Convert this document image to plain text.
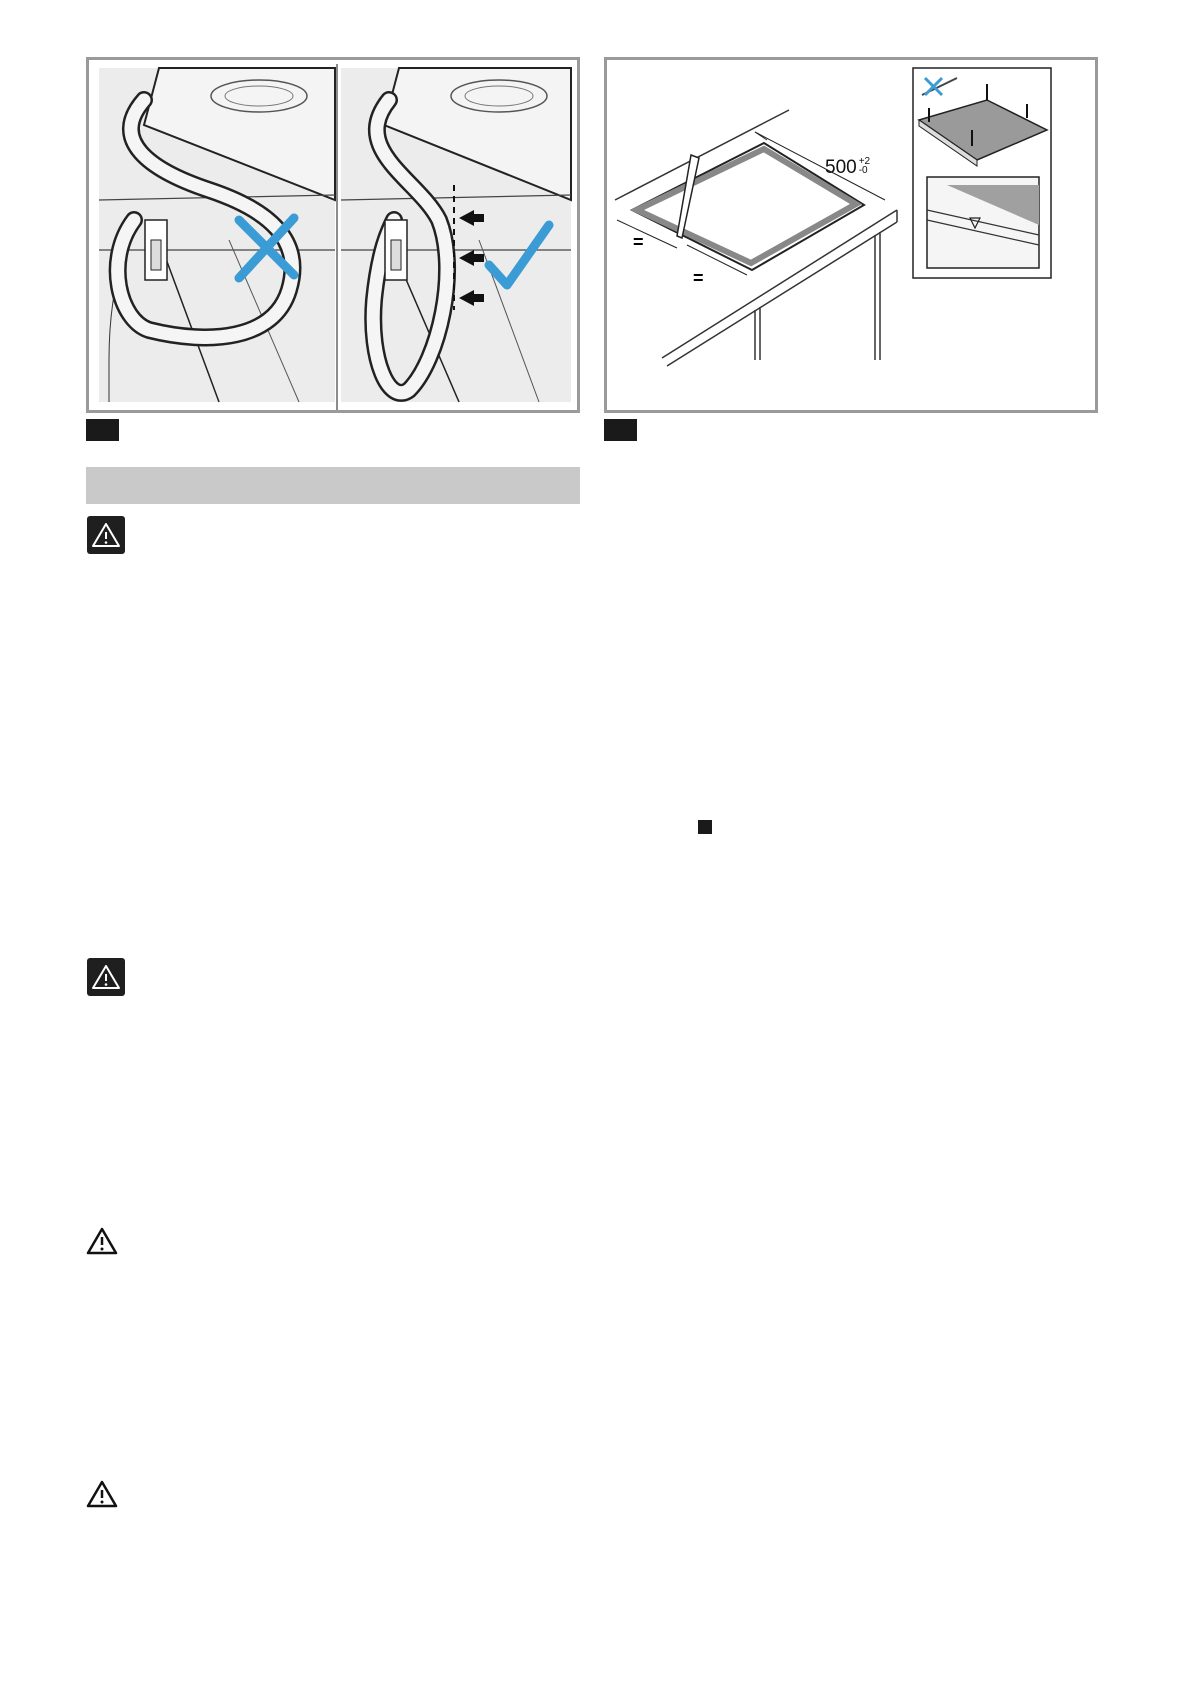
500 $^{+2 -0}$
=
=
